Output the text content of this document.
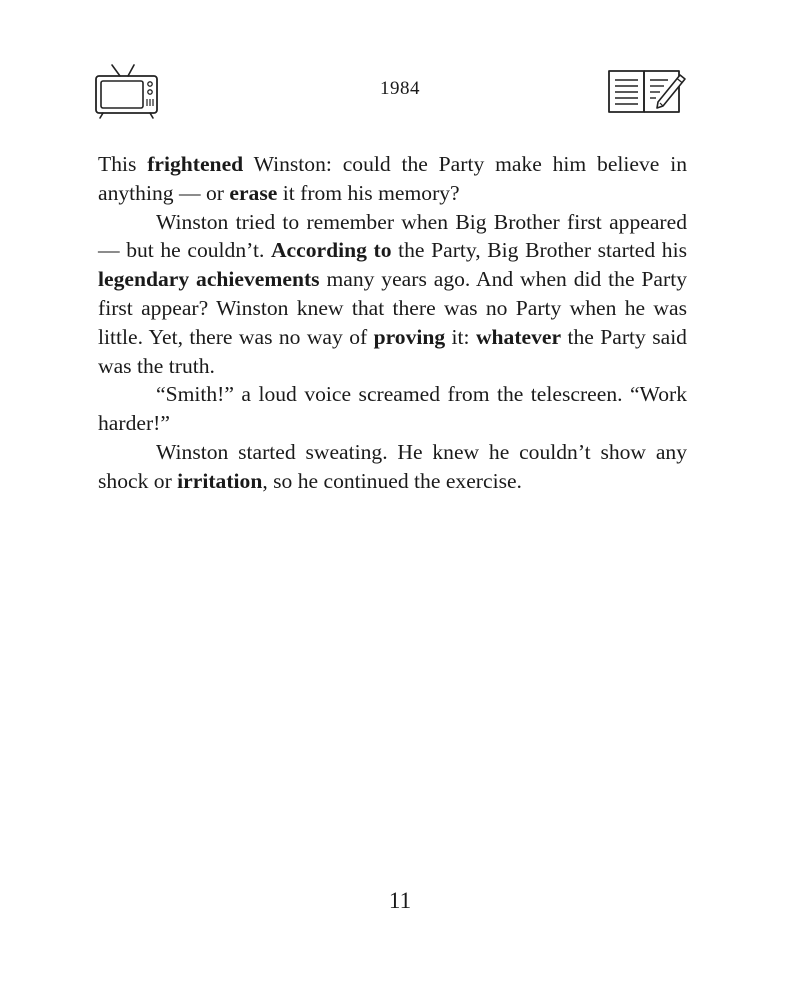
1984

This frightened Winston: could the Party make him believe in anything — or erase it from his memory?

Winston tried to remember when Big Brother first appeared — but he couldn’t. According to the Party, Big Brother started his legendary achievements many years ago. And when did the Party first appear? Winston knew that there was no Party when he was little. Yet, there was no way of proving it: whatever the Party said was the truth.

“Smith!” a loud voice screamed from the telescreen. “Work harder!”

Winston started sweating. He knew he couldn’t show any shock or irritation, so he continued the exercise.

11
